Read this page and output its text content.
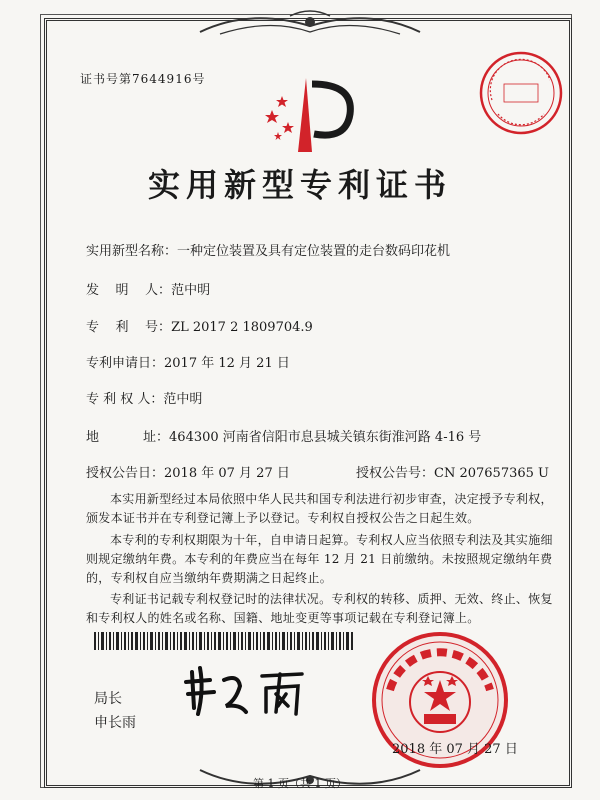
证书号第7644916号
实用新型专利证书
实用新型名称：一种定位装置及具有定位装置的走台数码印花机
发    明    人：范中明
专    利    号：ZL 2017 2 1809704.9
专利申请日：2017 年 12 月 21 日
专 利 权 人：范中明
地	址：464300 河南省信阳市息县城关镇东街淮河路 4-16 号
授权公告日：2018 年 07 月 27 日	授权公告号：CN 207657365 U
本实用新型经过本局依照中华人民共和国专利法进行初步审查，决定授予专利权，颁发本证书并在专利登记簿上予以登记。专利权自授权公告之日起生效。
本专利的专利权期限为十年，自申请日起算。专利权人应当依照专利法及其实施细则规定缴纳年费。本专利的年费应当在每年 12 月 21 日前缴纳。未按照规定缴纳年费的，专利权自应当缴纳年费期满之日起终止。
专利证书记载专利权登记时的法律状况。专利权的转移、质押、无效、终止、恢复和专利权人的姓名或名称、国籍、地址变更等事项记载在专利登记簿上。
局长
申长雨
2018 年 07 月 27 日
第 1 页（共 1 页）
